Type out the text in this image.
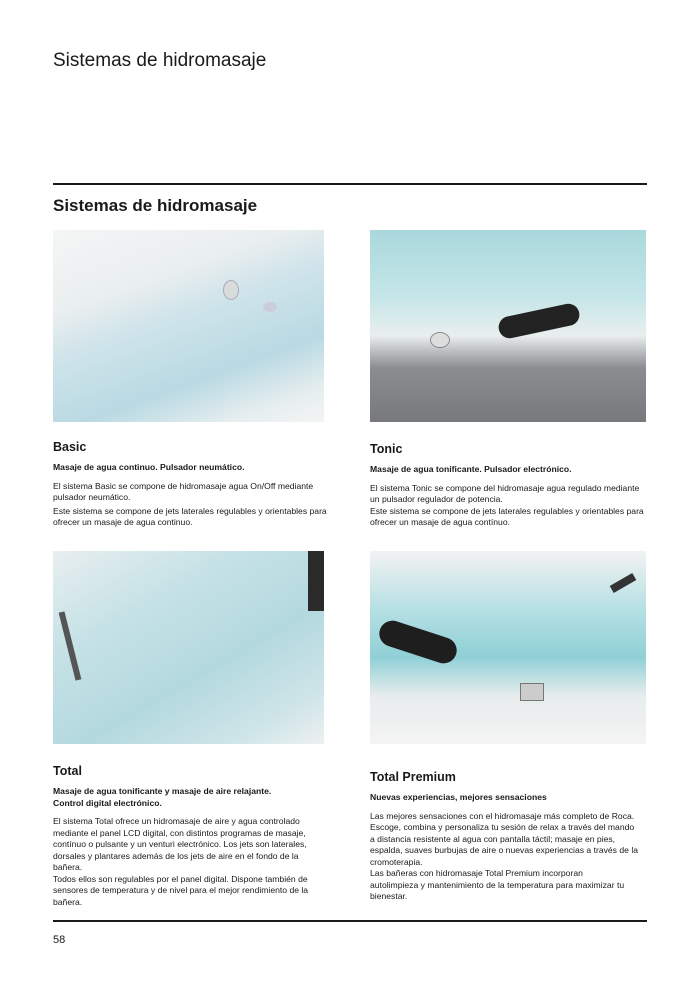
Sistemas de hidromasaje
Sistemas de hidromasaje
Basic
Masaje de agua continuo. Pulsador neumático.

El sistema Basic se compone de hidromasaje agua On/Off mediante pulsador neumático.

Este sistema se compone de jets laterales regulables y orientables para ofrecer un masaje de agua continuo.

Tonic
Masaje de agua tonificante. Pulsador electrónico.

El sistema Tonic se compone del hidromasaje agua regulado mediante un pulsador regulador de potencia.

Este sistema se compone de jets laterales regulables y orientables para ofrecer un masaje de agua contínuo.

Total
Masaje de agua tonificante y masaje de aire relajante. Control digital electrónico.

El sistema Total ofrece un hidromasaje de aire y agua controlado mediante el panel LCD digital, con distintos programas de masaje, contínuo o pulsante y un venturi electrónico. Los jets son laterales, dorsales y plantares además de los jets de aire en el fondo de la bañera.

Todos ellos son regulables por el panel digital. Dispone también de sensores de temperatura y de nivel para el mejor rendimiento de la bañera.

Total Premium
Nuevas experiencias, mejores sensaciones

Las mejores sensaciones con el hidromasaje más completo de Roca. Escoge, combina y personaliza tu sesión de relax a través del mando a distancia resistente al agua con pantalla táctil; masaje en pies, espalda, suaves burbujas de aire o nuevas experiencias a través de la cromoterapia.

Las bañeras con hidromasaje Total Premium incorporan autolimpieza y mantenimiento de la temperatura para maximizar tu bienestar.

58
